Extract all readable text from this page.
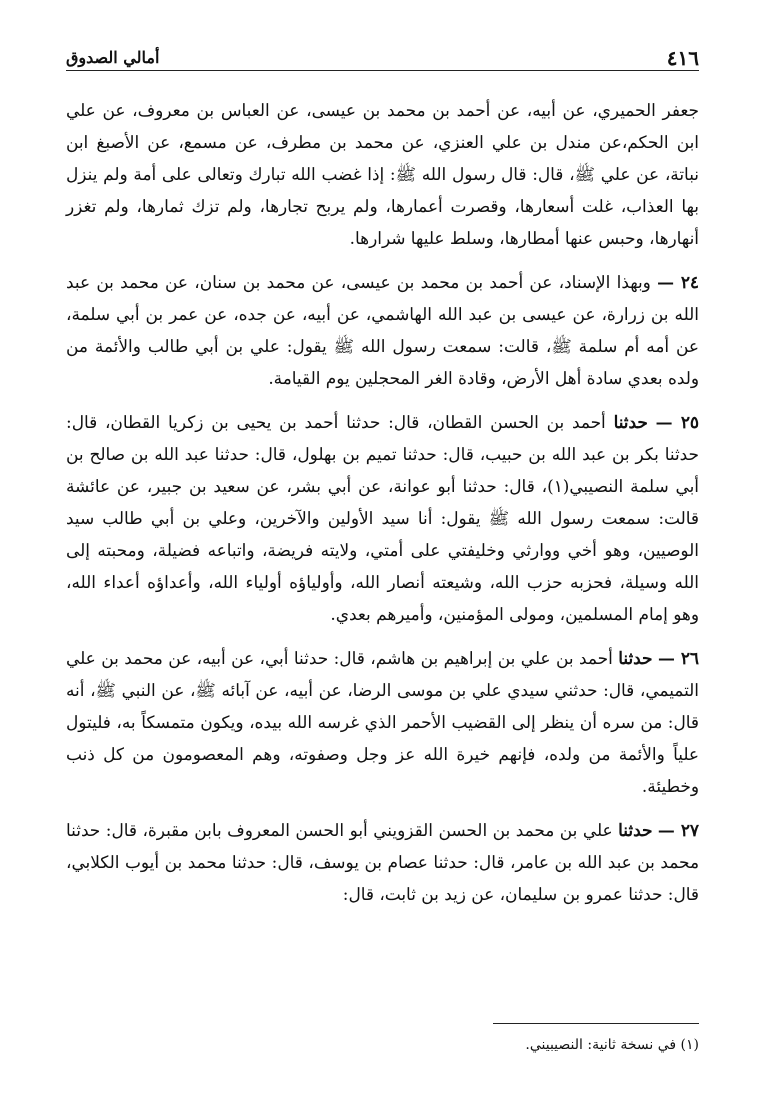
٤١٦
أمالي الصدوق

جعفر الحميري، عن أبيه، عن أحمد بن محمد بن عيسى، عن العباس بن معروف، عن علي ابن الحكم،عن مندل بن علي العنزي، عن محمد بن مطرف، عن مسمع، عن الأصبغ ابن نباتة، عن علي ﷺ، قال: قال رسول الله ﷺ: إذا غضب الله تبارك وتعالى على أمة ولم ينزل بها العذاب، غلت أسعارها، وقصرت أعمارها، ولم يربح تجارها، ولم تزك ثمارها، ولم تغزر أنهارها، وحبس عنها أمطارها، وسلط عليها شرارها.

٢٤ — وبهذا الإسناد، عن أحمد بن محمد بن عيسى، عن محمد بن سنان، عن محمد بن عبد الله بن زرارة، عن عيسى بن عبد الله الهاشمي، عن أبيه، عن جده، عن عمر بن أبي سلمة، عن أمه أم سلمة ﷺ، قالت: سمعت رسول الله ﷺ يقول: علي بن أبي طالب والأئمة من ولده بعدي سادة أهل الأرض، وقادة الغر المحجلين يوم القيامة.

٢٥ — حدثنا أحمد بن الحسن القطان، قال: حدثنا أحمد بن يحيى بن زكريا القطان، قال: حدثنا بكر بن عبد الله بن حبيب، قال: حدثنا تميم بن بهلول، قال: حدثنا عبد الله بن صالح بن أبي سلمة النصيبي(١)، قال: حدثنا أبو عوانة، عن أبي بشر، عن سعيد بن جبير، عن عائشة قالت: سمعت رسول الله ﷺ يقول: أنا سيد الأولين والآخرين، وعلي بن أبي طالب سيد الوصيين، وهو أخي ووارثي وخليفتي على أمتي، ولايته فريضة، واتباعه فضيلة، ومحبته إلى الله وسيلة، فحزبه حزب الله، وشيعته أنصار الله، وأولياؤه أولياء الله، وأعداؤه أعداء الله، وهو إمام المسلمين، ومولى المؤمنين، وأميرهم بعدي.

٢٦ — حدثنا أحمد بن علي بن إبراهيم بن هاشم، قال: حدثنا أبي، عن أبيه، عن محمد بن علي التميمي، قال: حدثني سيدي علي بن موسى الرضا، عن أبيه، عن آبائه ﷺ، عن النبي ﷺ، أنه قال: من سره أن ينظر إلى القضيب الأحمر الذي غرسه الله بيده، ويكون متمسكاً به، فليتول علياً والأئمة من ولده، فإنهم خيرة الله عز وجل وصفوته، وهم المعصومون من كل ذنب وخطيئة.

٢٧ — حدثنا علي بن محمد بن الحسن القزويني أبو الحسن المعروف بابن مقبرة، قال: حدثنا محمد بن عبد الله بن عامر، قال: حدثنا عصام بن يوسف، قال: حدثنا محمد بن أيوب الكلابي، قال: حدثنا عمرو بن سليمان، عن زيد بن ثابت، قال:

(١) في نسخة ثانية: النصيبيني.
